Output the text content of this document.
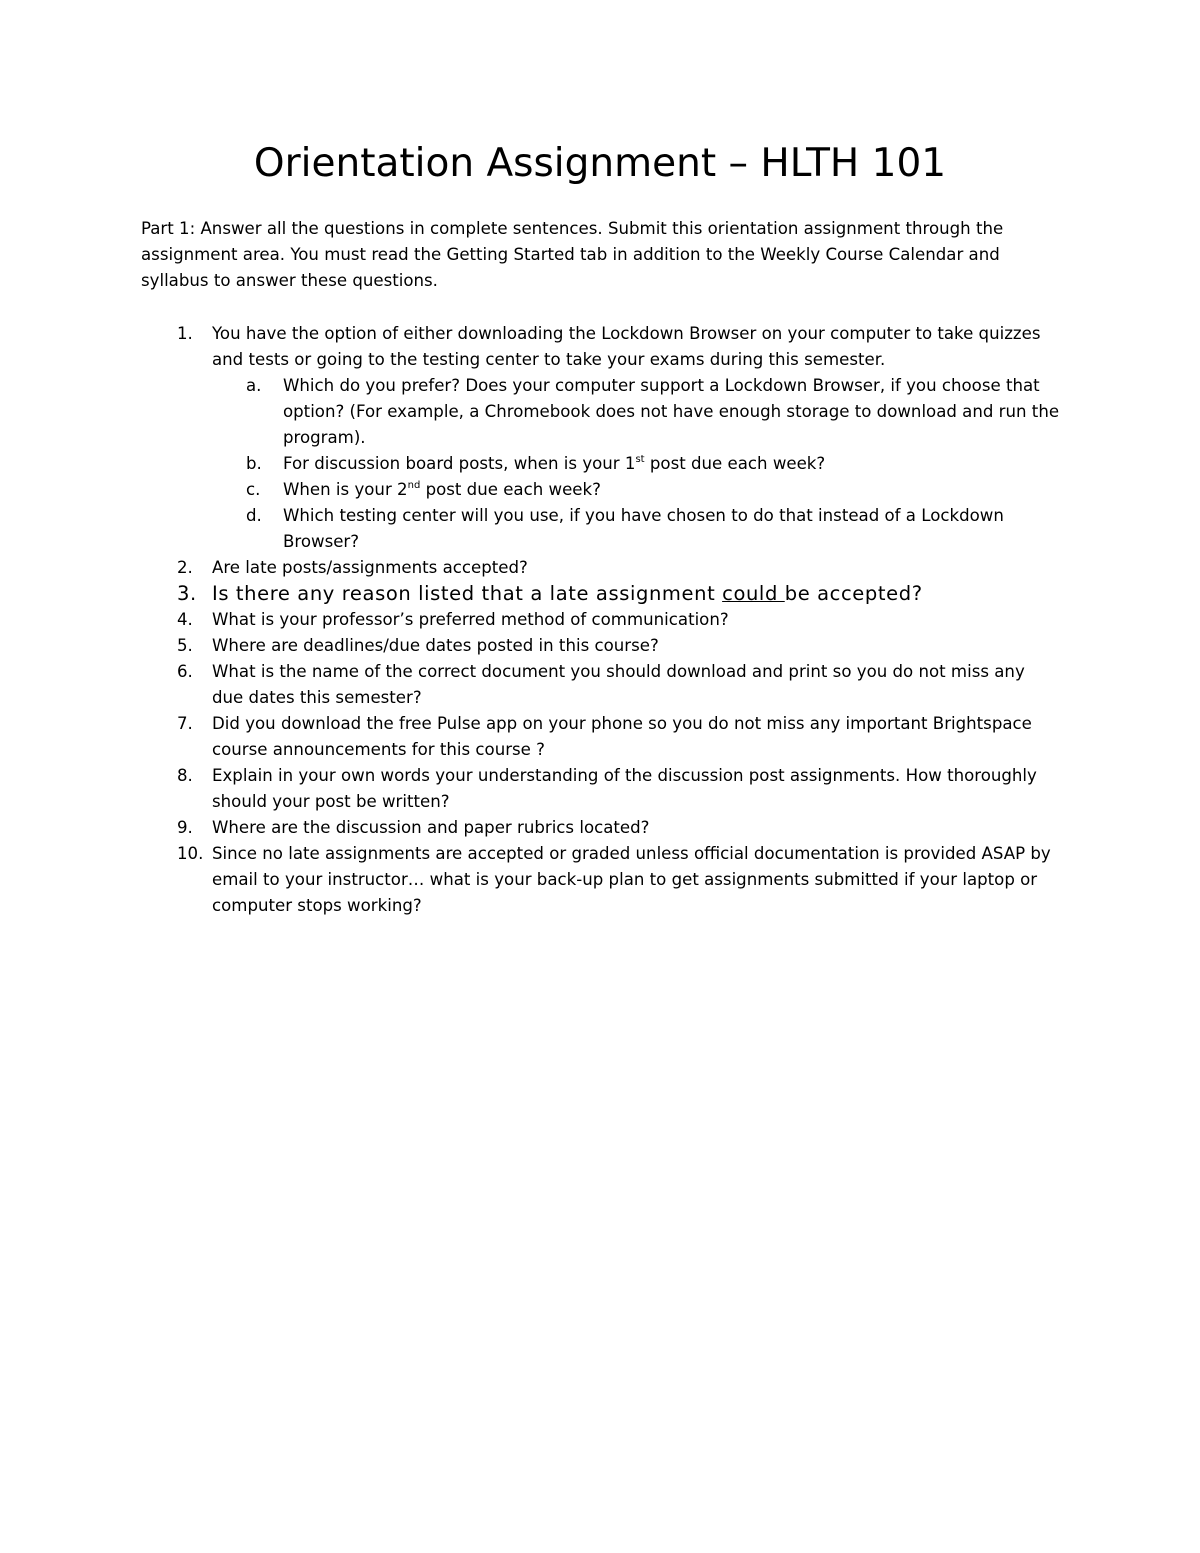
Orientation Assignment – HLTH 101

Part 1: Answer all the questions in complete sentences. Submit this orientation assignment through the assignment area. You must read the Getting Started tab in addition to the Weekly Course Calendar and syllabus to answer these questions.

1. You have the option of either downloading the Lockdown Browser on your computer to take quizzes and tests or going to the testing center to take your exams during this semester.
a. Which do you prefer? Does your computer support a Lockdown Browser, if you choose that option? (For example, a Chromebook does not have enough storage to download and run the program).
b. For discussion board posts, when is your 1st post due each week?
c. When is your 2nd post due each week?
d. Which testing center will you use, if you have chosen to do that instead of a Lockdown Browser?
2. Are late posts/assignments accepted?
3. Is there any reason listed that a late assignment could be accepted?
4. What is your professor’s preferred method of communication?
5. Where are deadlines/due dates posted in this course?
6. What is the name of the correct document you should download and print so you do not miss any due dates this semester?
7. Did you download the free Pulse app on your phone so you do not miss any important Brightspace course announcements for this course ?
8. Explain in your own words your understanding of the discussion post assignments. How thoroughly should your post be written?
9. Where are the discussion and paper rubrics located?
10. Since no late assignments are accepted or graded unless official documentation is provided ASAP by email to your instructor… what is your back-up plan to get assignments submitted if your laptop or computer stops working?
